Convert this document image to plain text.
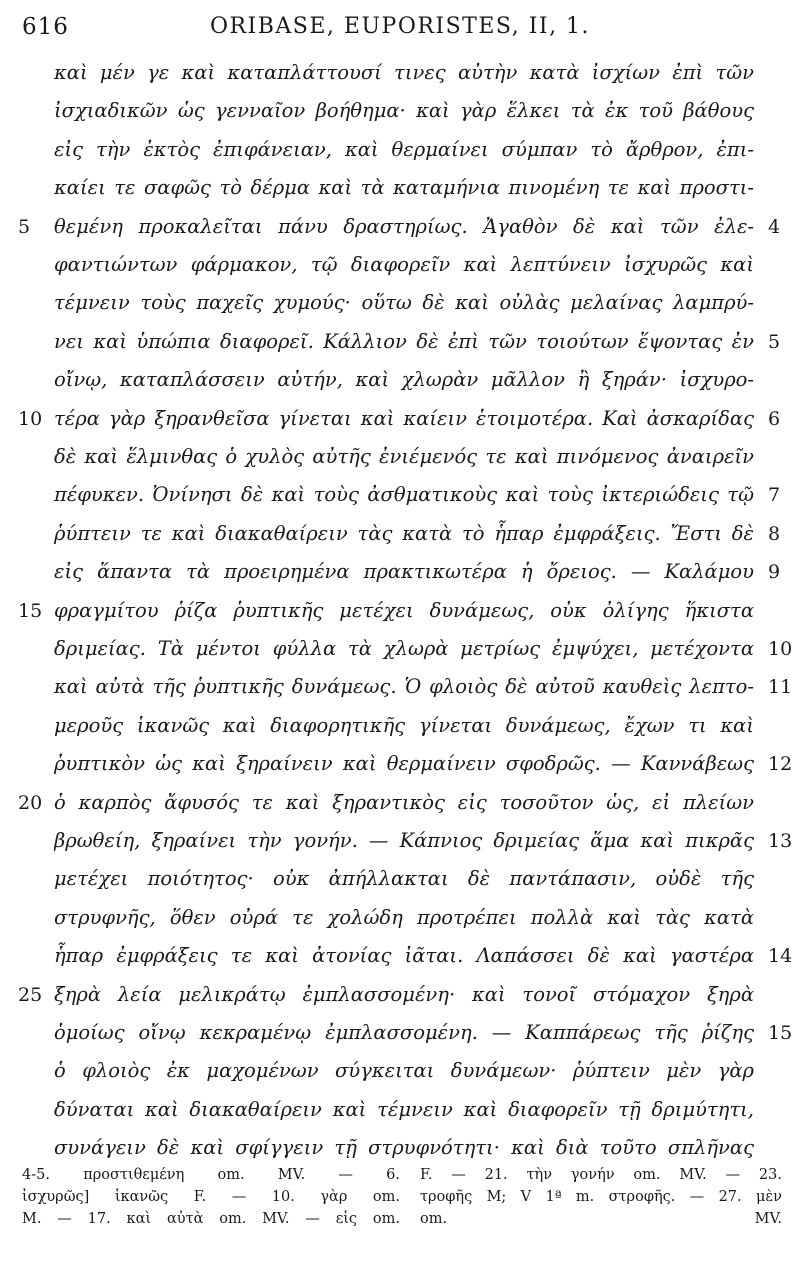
616	ORIBASE, EUPORISTES, II, 1.
καὶ μέν γε καὶ καταπλάττουσί τινες αὐτὴν κατὰ ἰσχίων ἐπὶ τῶν
ἰσχιαδικῶν ὡς γενναῖον βοήθημα· καὶ γὰρ ἕλκει τὰ ἐκ τοῦ βάθους
εἰς τὴν ἐκτὸς ἐπιφάνειαν, καὶ θερμαίνει σύμπαν τὸ ἄρθρον, ἐπι-
καίει τε σαφῶς τὸ δέρμα καὶ τὰ καταμήνια πινομένη τε καὶ προστι-
5	θεμένη προκαλεῖται πάνυ δραστηρίως. Ἀγαθὸν δὲ καὶ τῶν ἐλε- 4
φαντιώντων φάρμακον, τῷ διαφορεῖν καὶ λεπτύνειν ἰσχυρῶς καὶ
τέμνειν τοὺς παχεῖς χυμούς· οὕτω δὲ καὶ οὐλὰς μελαίνας λαμπρύ-
νει καὶ ὑπώπια διαφορεῖ. Κάλλιον δὲ ἐπὶ τῶν τοιούτων ἕψοντας ἐν 5
οἴνῳ, καταπλάσσειν αὐτήν, καὶ χλωρὰν μᾶλλον ἢ ξηράν· ἰσχυρο-
10 τέρα γὰρ ξηρανθεῖσα γίνεται καὶ καίειν ἑτοιμοτέρα. Καὶ ἀσκαρίδας 6
δὲ καὶ ἕλμινθας ὁ χυλὸς αὐτῆς ἐνιέμενός τε καὶ πινόμενος ἀναιρεῖν
πέφυκεν. Ὀνίνησι δὲ καὶ τοὺς ἀσθματικοὺς καὶ τοὺς ἰκτεριώδεις τῷ 7
ῥύπτειν τε καὶ διακαθαίρειν τὰς κατὰ τὸ ἧπαρ ἐμφράξεις. Ἔστι δὲ 8
εἰς ἅπαντα τὰ προειρημένα πρακτικωτέρα ἡ ὄρειος. — Καλάμου 9
15 φραγμίτου ῥίζα ῥυπτικῆς μετέχει δυνάμεως, οὐκ ὀλίγης ἥκιστα
δριμείας. Τὰ μέντοι φύλλα τὰ χλωρὰ μετρίως ἐμψύχει, μετέχοντα 10
καὶ αὐτὰ τῆς ῥυπτικῆς δυνάμεως. Ὁ φλοιὸς δὲ αὐτοῦ καυθεὶς λεπτο- 11
μεροῦς ἱκανῶς καὶ διαφορητικῆς γίνεται δυνάμεως, ἔχων τι καὶ
ῥυπτικὸν ὡς καὶ ξηραίνειν καὶ θερμαίνειν σφοδρῶς. — Καννάβεως 12
20 ὁ καρπὸς ἄφυσός τε καὶ ξηραντικὸς εἰς τοσοῦτον ὡς, εἰ πλείων
βρωθείη, ξηραίνει τὴν γονήν. — Κάπνιος δριμείας ἅμα καὶ πικρᾶς 13
μετέχει ποιότητος· οὐκ ἀπήλλακται δὲ παντάπασιν, οὐδὲ τῆς
στρυφνῆς, ὅθεν οὐρά τε χολώδη προτρέπει πολλὰ καὶ τὰς κατὰ
ἧπαρ ἐμφράξεις τε καὶ ἀτονίας ἰᾶται. Λαπάσσει δὲ καὶ γαστέρα 14
25 ξηρὰ λεία μελικράτῳ ἐμπλασσομένη· καὶ τονοῖ στόμαχον ξηρὰ
ὁμοίως οἴνῳ κεκραμένῳ ἐμπλασσομένη. — Καππάρεως τῆς ῥίζης 15
ὁ φλοιὸς ἐκ μαχομένων σύγκειται δυνάμεων· ῥύπτειν μὲν γὰρ
δύναται καὶ διακαθαίρειν καὶ τέμνειν καὶ διαφορεῖν τῇ δριμύτητι,
συνάγειν δὲ καὶ σφίγγειν τῇ στρυφνότητι· καὶ διὰ τοῦτο σπλῆνας
4-5. προστιθεμένη om. MV. — 6.
ἰσχυρῶς] ἱκανῶς F. — 10. γὰρ om.
M. — 17. καὶ αὐτὰ om. MV. — εἰς om.
F. — 21. τὴν γονήν om. MV. — 23.
τροφῆς M; V 1ª m. στροφῆς. — 27. μὲν
om. MV.
